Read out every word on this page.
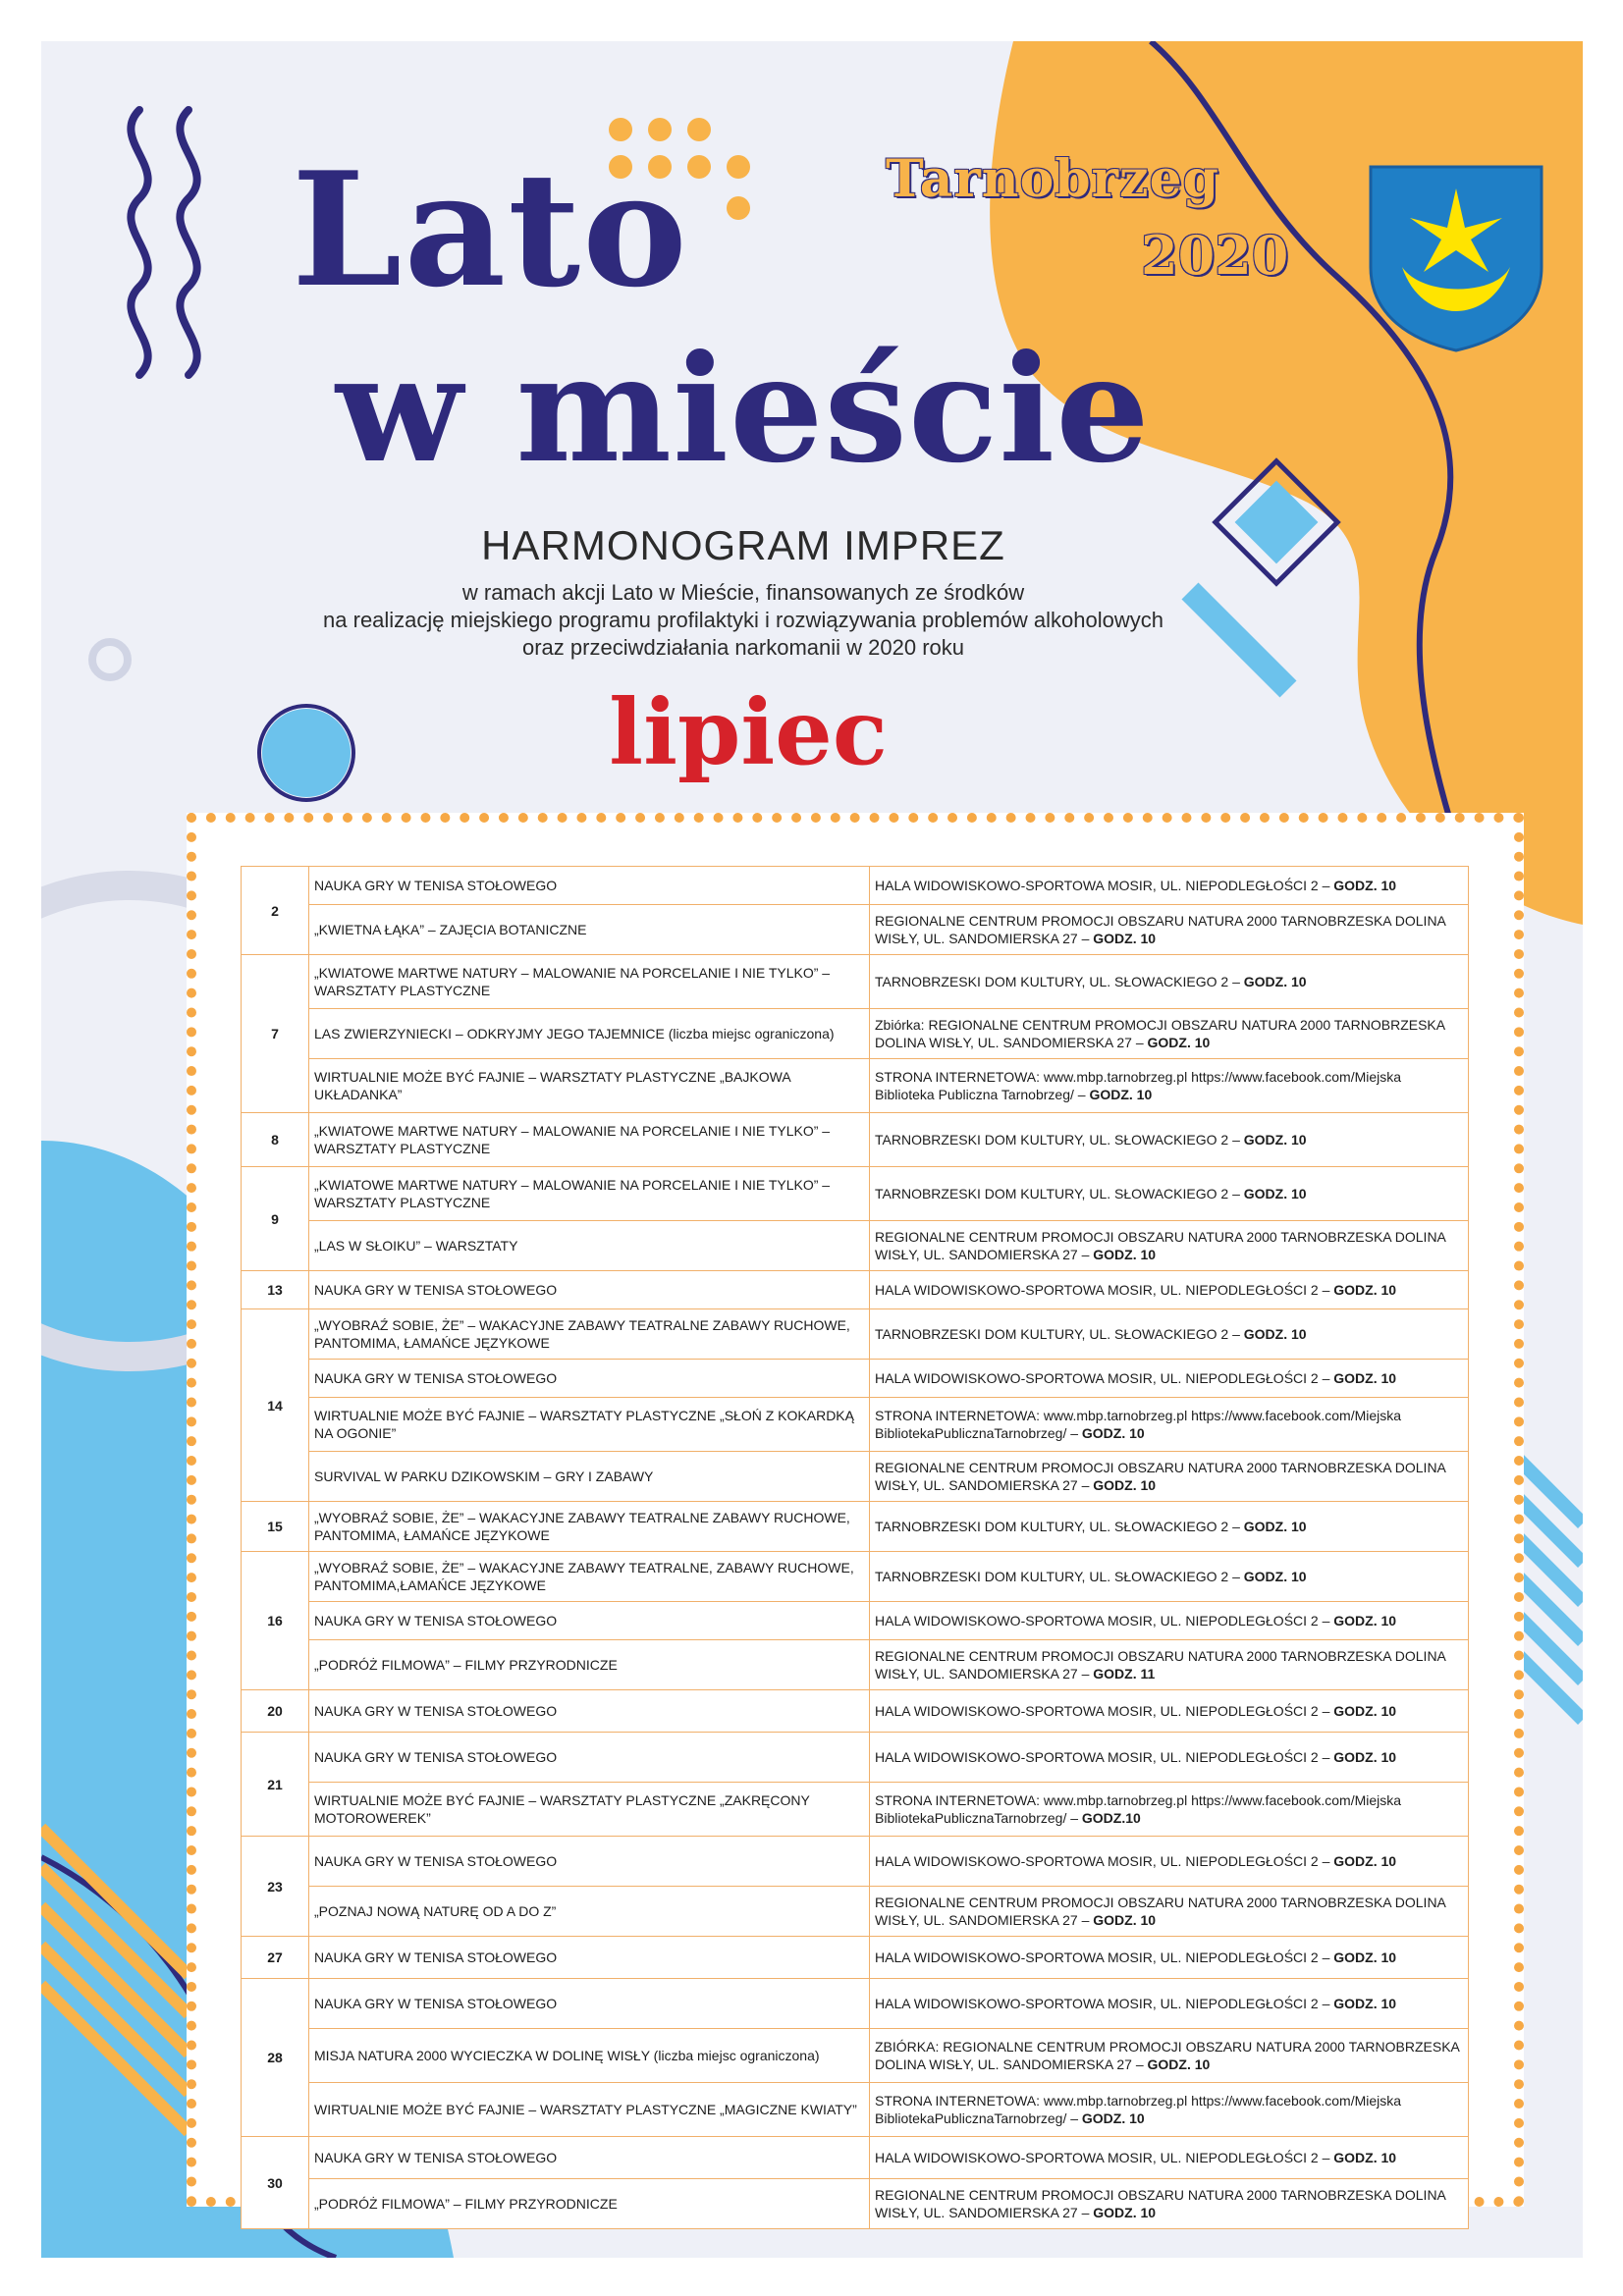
Lato
w mieście
Tarnobrzeg
2020
HARMONOGRAM IMPREZ
w ramach akcji Lato w Mieście, finansowanych ze środków
na realizację miejskiego programu profilaktyki i rozwiązywania problemów alkoholowych
oraz przeciwdziałania narkomanii w 2020 roku
lipiec
2	NAUKA GRY W TENISA STOŁOWEGO	HALA WIDOWISKOWO-SPORTOWA MOSIR, UL. NIEPODLEGŁOŚCI 2 – GODZ. 10
	„KWIETNA ŁĄKA” – ZAJĘCIA BOTANICZNE	REGIONALNE CENTRUM PROMOCJI OBSZARU NATURA 2000 TARNOBRZESKA DOLINA WISŁY, UL. SANDOMIERSKA 27 – GODZ. 10
7	„KWIATOWE MARTWE NATURY – MALOWANIE NA PORCELANIE I NIE TYLKO” – WARSZTATY PLASTYCZNE	TARNOBRZESKI DOM KULTURY, UL. SŁOWACKIEGO 2 – GODZ. 10
	LAS ZWIERZYNIECKI – ODKRYJMY JEGO TAJEMNICE (liczba miejsc ograniczona)	Zbiórka: REGIONALNE CENTRUM PROMOCJI OBSZARU NATURA 2000 TARNOBRZESKA DOLINA WISŁY, UL. SANDOMIERSKA 27 – GODZ. 10
	WIRTUALNIE MOŻE BYĆ FAJNIE – WARSZTATY PLASTYCZNE „BAJKOWA UKŁADANKA”	STRONA INTERNETOWA: www.mbp.tarnobrzeg.pl https://www.facebook.com/Miejska Biblioteka Publiczna Tarnobrzeg/ – GODZ. 10
8	„KWIATOWE MARTWE NATURY – MALOWANIE NA PORCELANIE I NIE TYLKO” –WARSZTATY PLASTYCZNE	TARNOBRZESKI DOM KULTURY, UL. SŁOWACKIEGO 2 – GODZ. 10
9	„KWIATOWE MARTWE NATURY – MALOWANIE NA PORCELANIE I NIE TYLKO” – WARSZTATY PLASTYCZNE	TARNOBRZESKI DOM KULTURY, UL. SŁOWACKIEGO 2 – GODZ. 10
	„LAS W SŁOIKU” – WARSZTATY	REGIONALNE CENTRUM PROMOCJI OBSZARU NATURA 2000 TARNOBRZESKA DOLINA WISŁY, UL. SANDOMIERSKA 27 – GODZ. 10
13	NAUKA GRY W TENISA STOŁOWEGO	HALA WIDOWISKOWO-SPORTOWA MOSIR, UL. NIEPODLEGŁOŚCI 2 – GODZ. 10
14	„WYOBRAŹ SOBIE, ŻE” – WAKACYJNE ZABAWY TEATRALNE ZABAWY RUCHOWE, PANTOMIMA, ŁAMAŃCE JĘZYKOWE	TARNOBRZESKI DOM KULTURY, UL. SŁOWACKIEGO 2 – GODZ. 10
	NAUKA GRY W TENISA STOŁOWEGO	HALA WIDOWISKOWO-SPORTOWA MOSIR, UL. NIEPODLEGŁOŚCI 2 – GODZ. 10
	WIRTUALNIE MOŻE BYĆ FAJNIE – WARSZTATY PLASTYCZNE „SŁOŃ Z KOKARDKĄ NA OGONIE”	STRONA INTERNETOWA: www.mbp.tarnobrzeg.pl https://www.facebook.com/Miejska BibliotekaPublicznaTarnobrzeg/ – GODZ. 10
	SURVIVAL W PARKU DZIKOWSKIM – GRY I ZABAWY	REGIONALNE CENTRUM PROMOCJI OBSZARU NATURA 2000 TARNOBRZESKA DOLINA WISŁY, UL. SANDOMIERSKA 27 – GODZ. 10
15	„WYOBRAŹ SOBIE, ŻE” – WAKACYJNE ZABAWY TEATRALNE ZABAWY RUCHOWE, PANTOMIMA, ŁAMAŃCE JĘZYKOWE	TARNOBRZESKI DOM KULTURY, UL. SŁOWACKIEGO 2 – GODZ. 10
16	„WYOBRAŹ SOBIE, ŻE” – WAKACYJNE ZABAWY TEATRALNE, ZABAWY RUCHOWE, PANTOMIMA,ŁAMAŃCE JĘZYKOWE	TARNOBRZESKI DOM KULTURY, UL. SŁOWACKIEGO 2 – GODZ. 10
	NAUKA GRY W TENISA STOŁOWEGO	HALA WIDOWISKOWO-SPORTOWA MOSIR, UL. NIEPODLEGŁOŚCI 2 – GODZ. 10
	„PODRÓŻ FILMOWA” – FILMY PRZYRODNICZE	REGIONALNE CENTRUM PROMOCJI OBSZARU NATURA 2000 TARNOBRZESKA DOLINA WISŁY, UL. SANDOMIERSKA 27 – GODZ. 11
20	NAUKA GRY W TENISA STOŁOWEGO	HALA WIDOWISKOWO-SPORTOWA MOSIR, UL. NIEPODLEGŁOŚCI 2 – GODZ. 10
21	NAUKA GRY W TENISA STOŁOWEGO	HALA WIDOWISKOWO-SPORTOWA MOSIR, UL. NIEPODLEGŁOŚCI 2 – GODZ. 10
	WIRTUALNIE MOŻE BYĆ FAJNIE – WARSZTATY PLASTYCZNE „ZAKRĘCONY MOTOROWEREK”	STRONA INTERNETOWA: www.mbp.tarnobrzeg.pl https://www.facebook.com/Miejska BibliotekaPublicznaTarnobrzeg/ – GODZ.10
23	NAUKA GRY W TENISA STOŁOWEGO	HALA WIDOWISKOWO-SPORTOWA MOSIR, UL. NIEPODLEGŁOŚCI 2 – GODZ. 10
	„POZNAJ NOWĄ NATURĘ OD A DO Z”	REGIONALNE CENTRUM PROMOCJI OBSZARU NATURA 2000 TARNOBRZESKA DOLINA WISŁY, UL. SANDOMIERSKA 27 – GODZ. 10
27	NAUKA GRY W TENISA STOŁOWEGO	HALA WIDOWISKOWO-SPORTOWA MOSIR, UL. NIEPODLEGŁOŚCI 2 – GODZ. 10
28	NAUKA GRY W TENISA STOŁOWEGO	HALA WIDOWISKOWO-SPORTOWA MOSIR, UL. NIEPODLEGŁOŚCI 2 – GODZ. 10
	MISJA NATURA 2000 WYCIECZKA W DOLINĘ WISŁY (liczba miejsc ograniczona)	ZBIÓRKA: REGIONALNE CENTRUM PROMOCJI OBSZARU NATURA 2000 TARNOBRZESKA DOLINA WISŁY, UL. SANDOMIERSKA 27 – GODZ. 10
	WIRTUALNIE MOŻE BYĆ FAJNIE – WARSZTATY PLASTYCZNE „MAGICZNE KWIATY”	STRONA INTERNETOWA: www.mbp.tarnobrzeg.pl https://www.facebook.com/Miejska BibliotekaPublicznaTarnobrzeg/ – GODZ. 10
30	NAUKA GRY W TENISA STOŁOWEGO	HALA WIDOWISKOWO-SPORTOWA MOSIR, UL. NIEPODLEGŁOŚCI 2 – GODZ. 10
	„PODRÓŻ FILMOWA” – FILMY PRZYRODNICZE	REGIONALNE CENTRUM PROMOCJI OBSZARU NATURA 2000 TARNOBRZESKA DOLINA WISŁY, UL. SANDOMIERSKA 27 – GODZ. 10
